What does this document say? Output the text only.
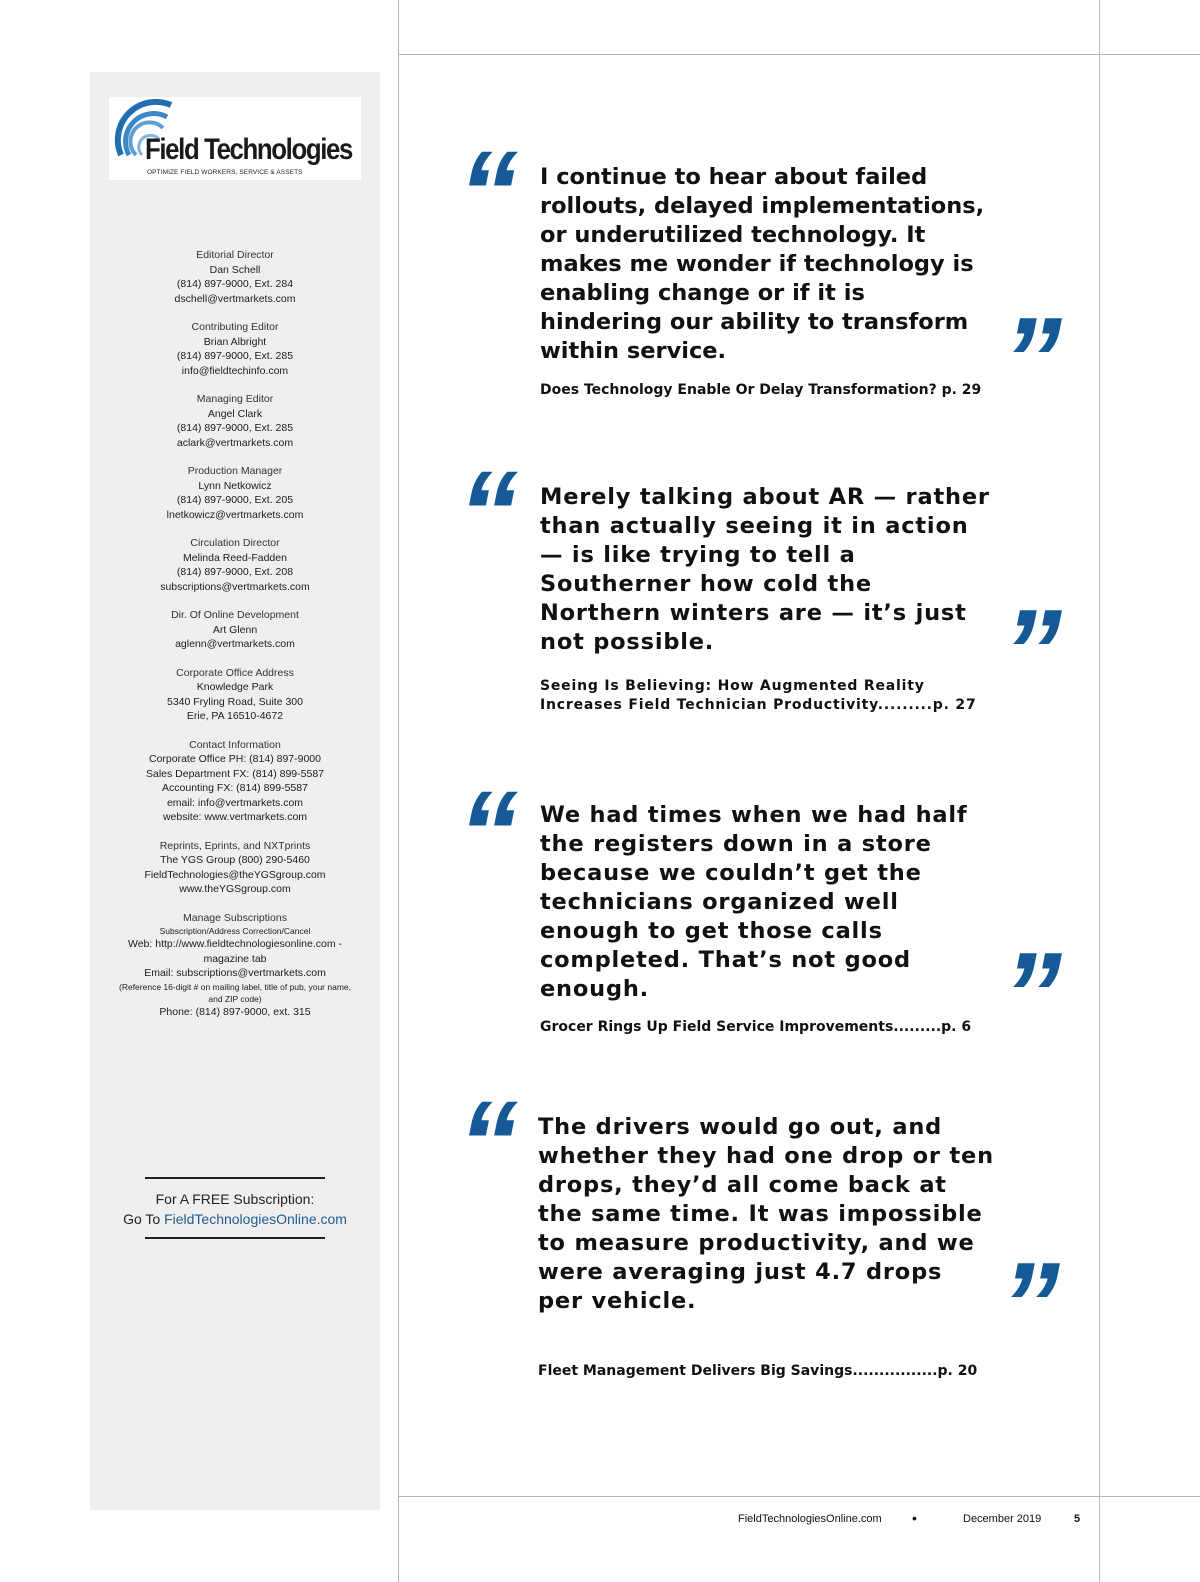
Field Technologies
OPTIMIZE FIELD WORKERS, SERVICE & ASSETS
Editorial Director
Dan Schell
(814) 897-9000, Ext. 284
dschell@vertmarkets.com
Contributing Editor
Brian Albright
(814) 897-9000, Ext. 285
info@fieldtechinfo.com
Managing Editor
Angel Clark
(814) 897-9000, Ext. 285
aclark@vertmarkets.com
Production Manager
Lynn Netkowicz
(814) 897-9000, Ext. 205
lnetkowicz@vertmarkets.com
Circulation Director
Melinda Reed-Fadden
(814) 897-9000, Ext. 208
subscriptions@vertmarkets.com
Dir. Of Online Development
Art Glenn
aglenn@vertmarkets.com
Corporate Office Address
Knowledge Park
5340 Fryling Road, Suite 300
Erie, PA 16510-4672
Contact Information
Corporate Office PH: (814) 897-9000
Sales Department FX: (814) 899-5587
Accounting FX: (814) 899-5587
email: info@vertmarkets.com
website: www.vertmarkets.com
Reprints, Eprints, and NXTprints
The YGS Group (800) 290-5460
FieldTechnologies@theYGSgroup.com
www.theYGSgroup.com
Manage Subscriptions
Subscription/Address Correction/Cancel
Web: http://www.fieldtechnologiesonline.com - magazine tab
Email: subscriptions@vertmarkets.com
(Reference 16-digit # on mailing label, title of pub, your name, and ZIP code)
Phone: (814) 897-9000, ext. 315
For A FREE Subscription:
Go To FieldTechnologiesOnline.com
“ I continue to hear about failed rollouts, delayed implementations, or underutilized technology. It makes me wonder if technology is enabling change or if it is hindering our ability to transform within service.	”
Does Technology Enable Or Delay Transformation? p. 29
“ Merely talking about AR — rather than actually seeing it in action — is like trying to tell a Southerner how cold the Northern winters are — it’s just not possible.	”
Seeing Is Believing: How Augmented Reality Increases Field Technician Productivity.........p. 27
“ We had times when we had half the registers down in a store because we couldn’t get the technicians organized well enough to get those calls completed. That’s not good enough.	”
Grocer Rings Up Field Service Improvements.........p. 6
“ The drivers would go out, and whether they had one drop or ten drops, they’d all come back at the same time. It was impossible to measure productivity, and we were averaging just 4.7 drops per vehicle.	”
Fleet Management Delivers Big Savings................p. 20
FieldTechnologiesOnline.com •	December 2019	5
